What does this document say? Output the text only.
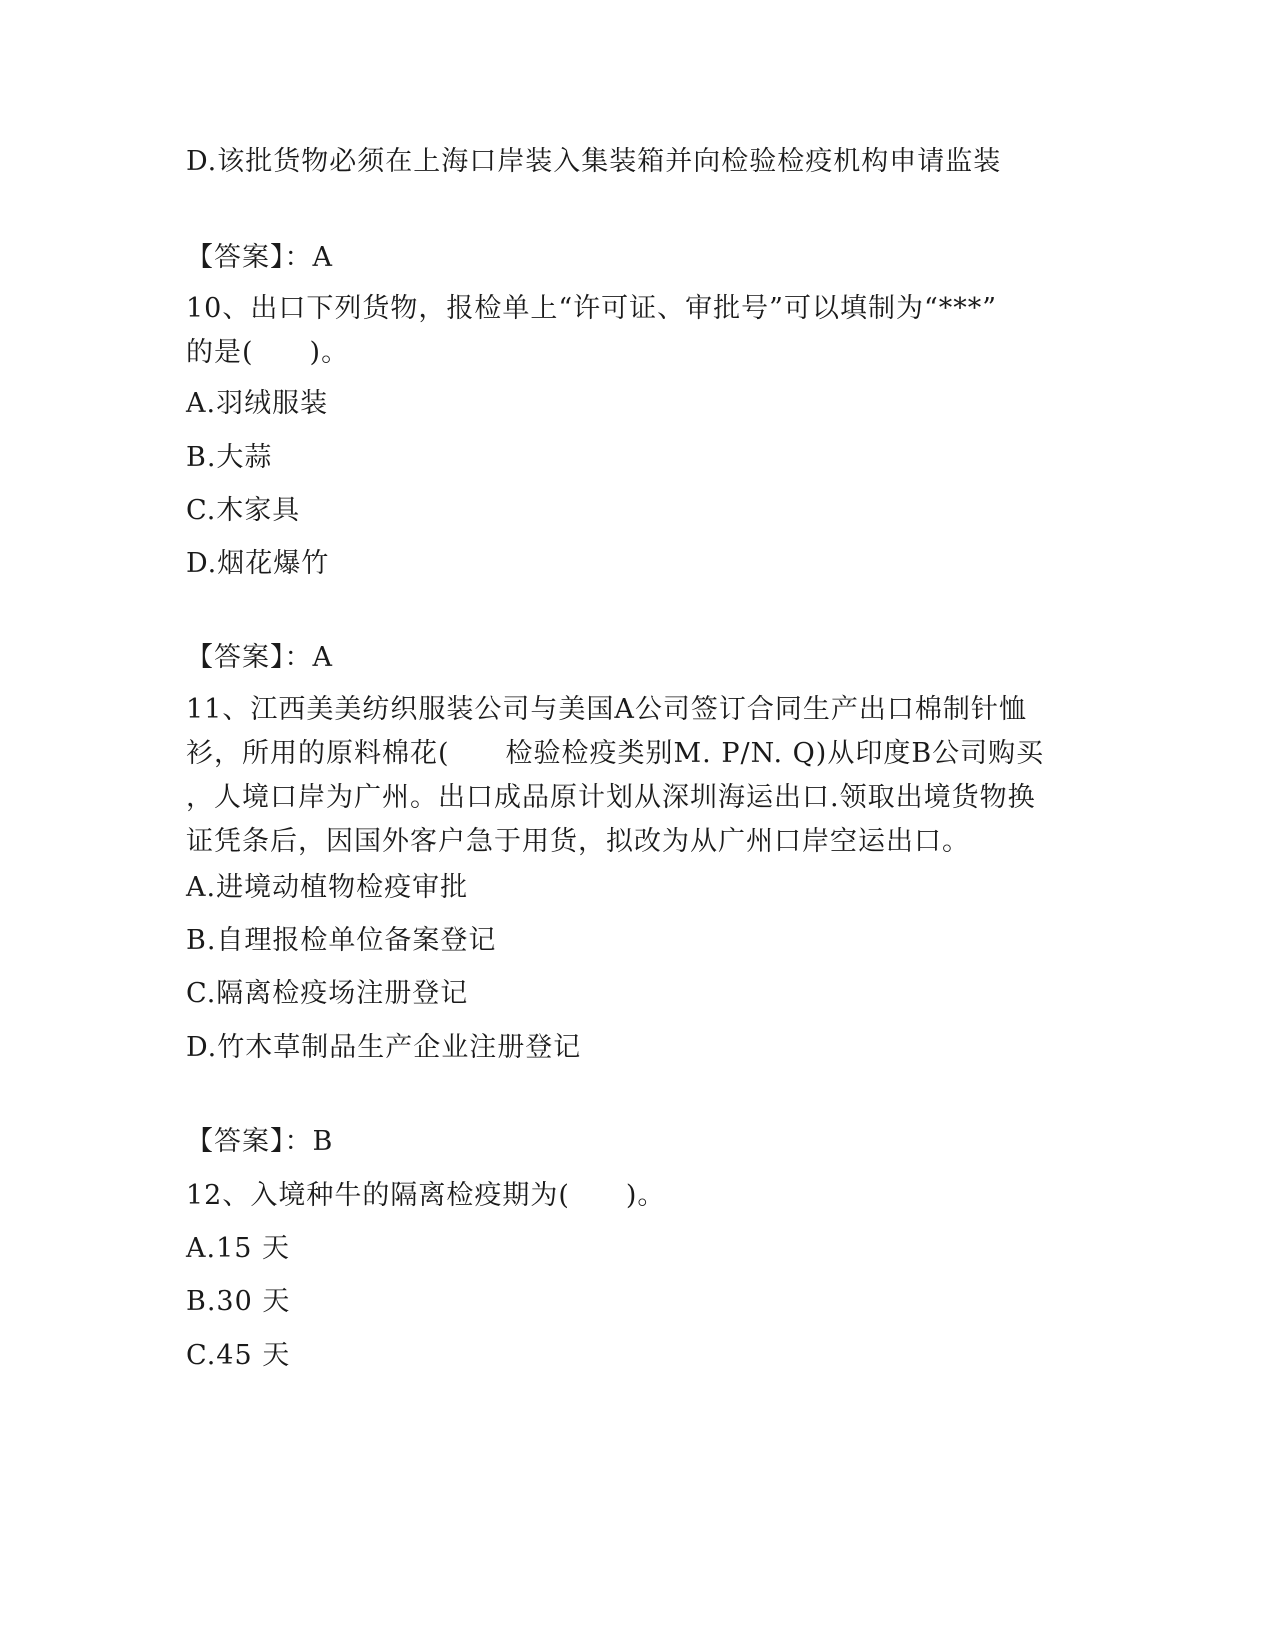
D.该批货物必须在上海口岸装入集装箱并向检验检疫机构申请监装
【答案】：A
10、出口下列货物，报检单上“许可证、审批号”可以填制为“***”
的是(　　)。
A.羽绒服装
B.大蒜
C.木家具
D.烟花爆竹
【答案】：A
11、江西美美纺织服装公司与美国A公司签订合同生产出口棉制针恤
衫，所用的原料棉花(　　检验检疫类别M. P/N. Q)从印度B公司购买
，人境口岸为广州。出口成品原计划从深圳海运出口.领取出境货物换
证凭条后，因国外客户急于用货，拟改为从广州口岸空运出口。
A.进境动植物检疫审批
B.自理报检单位备案登记
C.隔离检疫场注册登记
D.竹木草制品生产企业注册登记
【答案】：B
12、入境种牛的隔离检疫期为(　　)。
A.15 天
B.30 天
C.45 天
